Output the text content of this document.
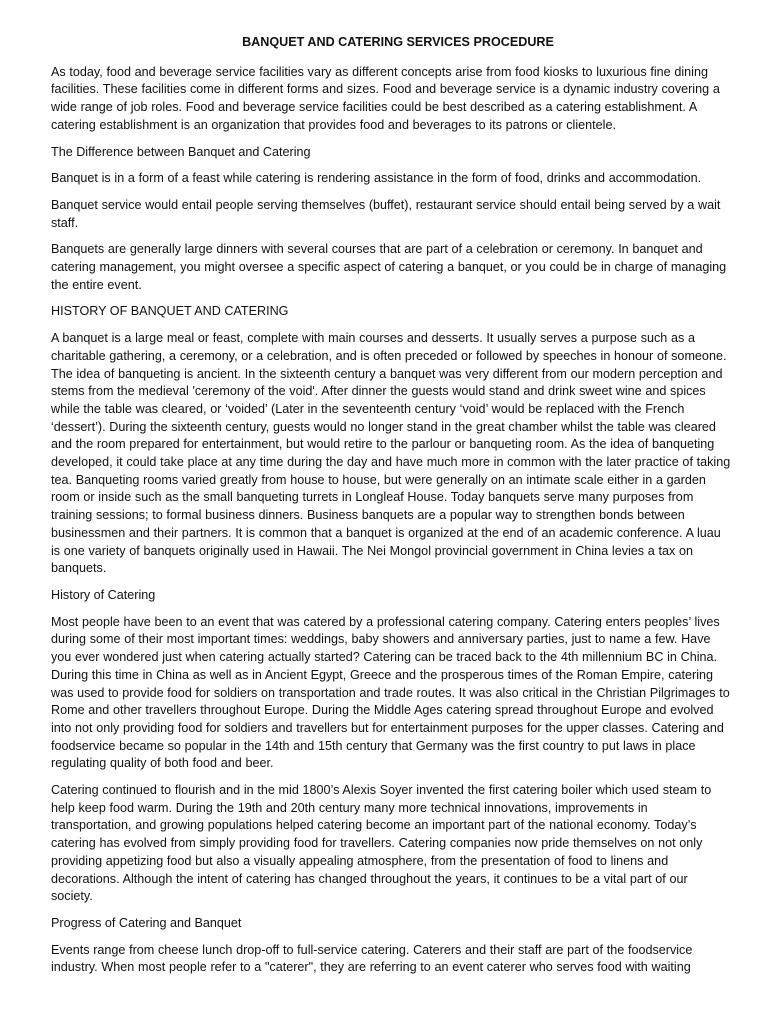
BANQUET AND CATERING SERVICES PROCEDURE

As today, food and beverage service facilities vary as different concepts arise from food kiosks to luxurious fine dining facilities. These facilities come in different forms and sizes. Food and beverage service is a dynamic industry covering a wide range of job roles. Food and beverage service facilities could be best described as a catering establishment. A catering establishment is an organization that provides food and beverages to its patrons or clientele.

The Difference between Banquet and Catering

Banquet is in a form of a feast while catering is rendering assistance in the form of food, drinks and accommodation.

Banquet service would entail people serving themselves (buffet), restaurant service should entail being served by a wait staff.

Banquets are generally large dinners with several courses that are part of a celebration or ceremony. In banquet and catering management, you might oversee a specific aspect of catering a banquet, or you could be in charge of managing the entire event.

HISTORY OF BANQUET AND CATERING

A banquet is a large meal or feast, complete with main courses and desserts. It usually serves a purpose such as a charitable gathering, a ceremony, or a celebration, and is often preceded or followed by speeches in honour of someone. The idea of banqueting is ancient. In the sixteenth century a banquet was very different from our modern perception and stems from the medieval 'ceremony of the void'. After dinner the guests would stand and drink sweet wine and spices while the table was cleared, or ‘voided’ (Later in the seventeenth century ‘void’ would be replaced with the French ‘dessert’). During the sixteenth century, guests would no longer stand in the great chamber whilst the table was cleared and the room prepared for entertainment, but would retire to the parlour or banqueting room. As the idea of banqueting developed, it could take place at any time during the day and have much more in common with the later practice of taking tea. Banqueting rooms varied greatly from house to house, but were generally on an intimate scale either in a garden room or inside such as the small banqueting turrets in Longleaf House. Today banquets serve many purposes from training sessions; to formal business dinners. Business banquets are a popular way to strengthen bonds between businessmen and their partners. It is common that a banquet is organized at the end of an academic conference. A luau is one variety of banquets originally used in Hawaii. The Nei Mongol provincial government in China levies a tax on banquets.

History of Catering

Most people have been to an event that was catered by a professional catering company. Catering enters peoples’ lives during some of their most important times: weddings, baby showers and anniversary parties, just to name a few. Have you ever wondered just when catering actually started? Catering can be traced back to the 4th millennium BC in China. During this time in China as well as in Ancient Egypt, Greece and the prosperous times of the Roman Empire, catering was used to provide food for soldiers on transportation and trade routes. It was also critical in the Christian Pilgrimages to Rome and other travellers throughout Europe. During the Middle Ages catering spread throughout Europe and evolved into not only providing food for soldiers and travellers but for entertainment purposes for the upper classes. Catering and foodservice became so popular in the 14th and 15th century that Germany was the first country to put laws in place regulating quality of both food and beer.

Catering continued to flourish and in the mid 1800’s Alexis Soyer invented the first catering boiler which used steam to help keep food warm. During the 19th and 20th century many more technical innovations, improvements in transportation, and growing populations helped catering become an important part of the national economy. Today’s catering has evolved from simply providing food for travellers. Catering companies now pride themselves on not only providing appetizing food but also a visually appealing atmosphere, from the presentation of food to linens and decorations. Although the intent of catering has changed throughout the years, it continues to be a vital part of our society.

Progress of Catering and Banquet

Events range from cheese lunch drop-off to full-service catering. Caterers and their staff are part of the foodservice industry. When most people refer to a "caterer", they are referring to an event caterer who serves food with waiting
